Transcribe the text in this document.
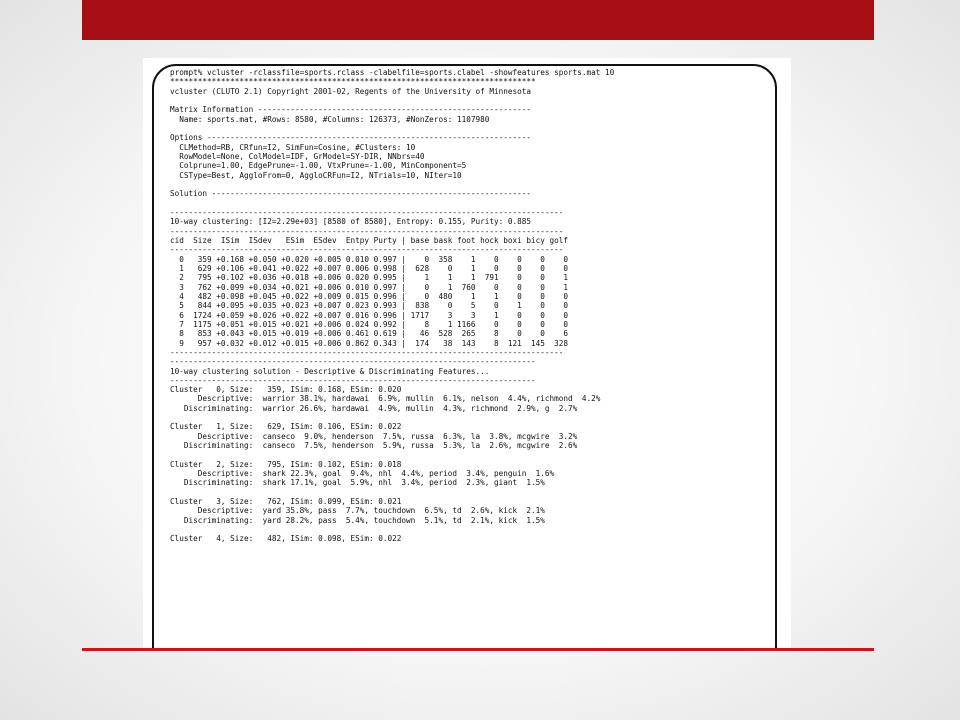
prompt% vcluster -rclassfile=sports.rclass -clabelfile=sports.clabel -showfeatures sports.mat 10
*******************************************************************************
vcluster (CLUTO 2.1) Copyright 2001-02, Regents of the University of Minnesota
Matrix Information -----------------------------------------------------------
Name: sports.mat, #Rows: 8580, #Columns: 126373, #NonZeros: 1107980
Options ----------------------------------------------------------------------
CLMethod=RB, CRfun=I2, SimFun=Cosine, #Clusters: 10
RowModel=None, ColModel=IDF, GrModel=SY-DIR, NNbrs=40
Colprune=1.00, EdgePrune=-1.00, VtxPrune=-1.00, MinComponent=5
CSType=Best, AggloFrom=0, AggloCRFun=I2, NTrials=10, NIter=10
Solution ---------------------------------------------------------------------
-------------------------------------------------------------------------------------
10-way clustering: [I2=2.29e+03] [8580 of 8580], Entropy: 0.155, Purity: 0.885
-------------------------------------------------------------------------------------
cid  Size  ISim  ISdev   ESim  ESdev  Entpy Purty | base bask foot hock boxi bicy golf
-------------------------------------------------------------------------------------
0   359 +0.168 +0.050 +0.020 +0.005 0.010 0.997 |    0  358    1    0    0    0    0
1   629 +0.106 +0.041 +0.022 +0.007 0.006 0.998 |  628    0    1    0    0    0    0
2   795 +0.102 +0.036 +0.018 +0.006 0.020 0.995 |    1    1    1  791    0    0    1
3   762 +0.099 +0.034 +0.021 +0.006 0.010 0.997 |    0    1  760    0    0    0    1
4   482 +0.098 +0.045 +0.022 +0.009 0.015 0.996 |    0  480    1    1    0    0    0
5   844 +0.095 +0.035 +0.023 +0.007 0.023 0.993 |  838    0    5    0    1    0    0
6  1724 +0.059 +0.026 +0.022 +0.007 0.016 0.996 | 1717    3    3    1    0    0    0
7  1175 +0.051 +0.015 +0.021 +0.006 0.024 0.992 |    8    1 1166    0    0    0    0
8   853 +0.043 +0.015 +0.019 +0.006 0.461 0.619 |   46  528  265    8    0    0    6
9   957 +0.032 +0.012 +0.015 +0.006 0.862 0.343 |  174   38  143    8  121  145  328
-------------------------------------------------------------------------------------
-------------------------------------------------------------------------------
10-way clustering solution - Descriptive & Discriminating Features...
-------------------------------------------------------------------------------
Cluster   0, Size:   359, ISim: 0.168, ESim: 0.020
Descriptive:  warrior 38.1%, hardawai  6.9%, mullin  6.1%, nelson  4.4%, richmond  4.2%
Discriminating:  warrior 26.6%, hardawai  4.9%, mullin  4.3%, richmond  2.9%, g  2.7%
Cluster   1, Size:   629, ISim: 0.106, ESim: 0.022
Descriptive:  canseco  9.0%, henderson  7.5%, russa  6.3%, la  3.8%, mcgwire  3.2%
Discriminating:  canseco  7.5%, henderson  5.9%, russa  5.3%, la  2.6%, mcgwire  2.6%
Cluster   2, Size:   795, ISim: 0.102, ESim: 0.018
Descriptive:  shark 22.3%, goal  9.4%, nhl  4.4%, period  3.4%, penguin  1.6%
Discriminating:  shark 17.1%, goal  5.9%, nhl  3.4%, period  2.3%, giant  1.5%
Cluster   3, Size:   762, ISim: 0.099, ESim: 0.021
Descriptive:  yard 35.8%, pass  7.7%, touchdown  6.5%, td  2.6%, kick  2.1%
Discriminating:  yard 28.2%, pass  5.4%, touchdown  5.1%, td  2.1%, kick  1.5%
Cluster   4, Size:   482, ISim: 0.098, ESim: 0.022
